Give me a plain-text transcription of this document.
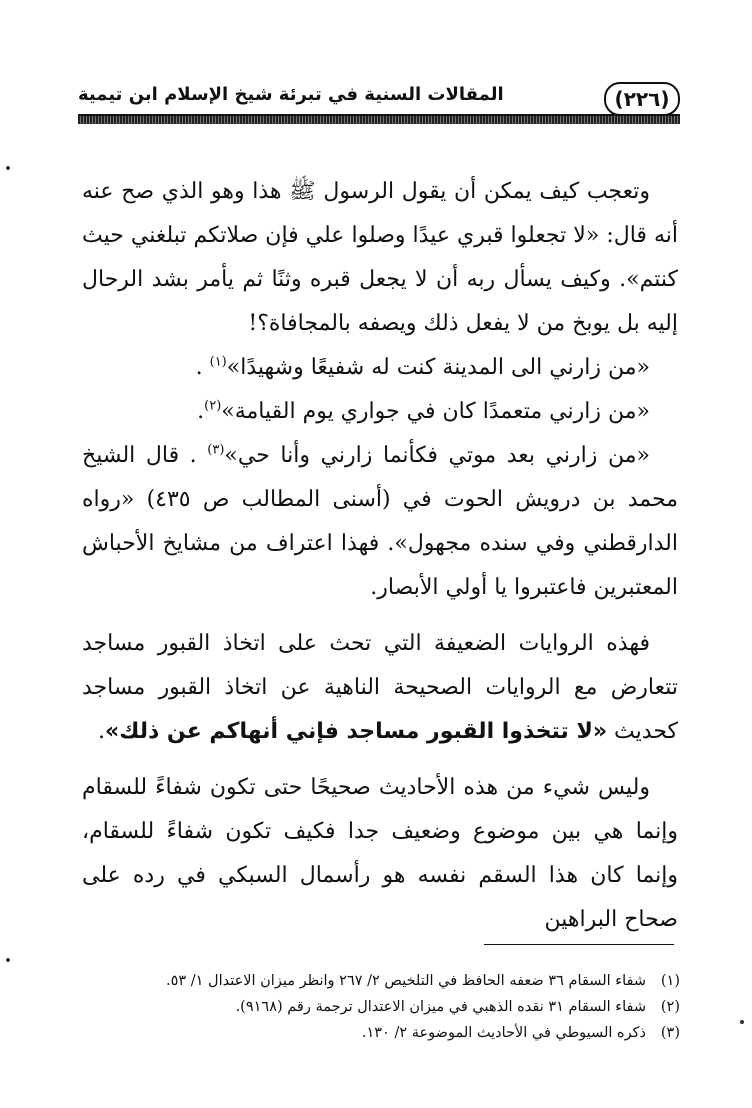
(٢٢٦)
المقالات السنية في تبرئة شيخ الإسلام ابن تيمية

وتعجب كيف يمكن أن يقول الرسول ﷺ هذا وهو الذي صح عنه أنه قال: «لا تجعلوا قبري عيدًا وصلوا علي فإن صلاتكم تبلغني حيث كنتم». وكيف يسأل ربه أن لا يجعل قبره وثنًا ثم يأمر بشد الرحال إليه بل يوبخ من لا يفعل ذلك ويصفه بالمجافاة؟!

«من زارني الى المدينة كنت له شفيعًا وشهيدًا»$^{(١)}$ .

«من زارني متعمدًا كان في جواري يوم القيامة»$^{(٢)}$.

«من زارني بعد موتي فكأنما زارني وأنا حي»$^{(٣)}$ . قال الشيخ محمد بن درويش الحوت في (أسنى المطالب ص ٤٣٥) «رواه الدارقطني وفي سنده مجهول». فهذا اعتراف من مشايخ الأحباش المعتبرين فاعتبروا يا أولي الأبصار.

فهذه الروايات الضعيفة التي تحث على اتخاذ القبور مساجد تتعارض مع الروايات الصحيحة الناهية عن اتخاذ القبور مساجد كحديث «لا تتخذوا القبور مساجد فإني أنهاكم عن ذلك».

وليس شيء من هذه الأحاديث صحيحًا حتى تكون شفاءً للسقام وإنما هي بين موضوع وضعيف جدا فكيف تكون شفاءً للسقام، وإنما كان هذا السقم نفسه هو رأسمال السبكي في رده على صحاح البراهين

(١)شفاء السقام ٣٦ ضعفه الحافظ في التلخيص ٢/ ٢٦٧ وانظر ميزان الاعتدال ١/ ٥٣.
(٢)شفاء السقام ٣١ نقده الذهبي في ميزان الاعتدال ترجمة رقم (٩١٦٨).
(٣)ذكره السيوطي في الأحاديث الموضوعة ٢/ ١٣٠.
